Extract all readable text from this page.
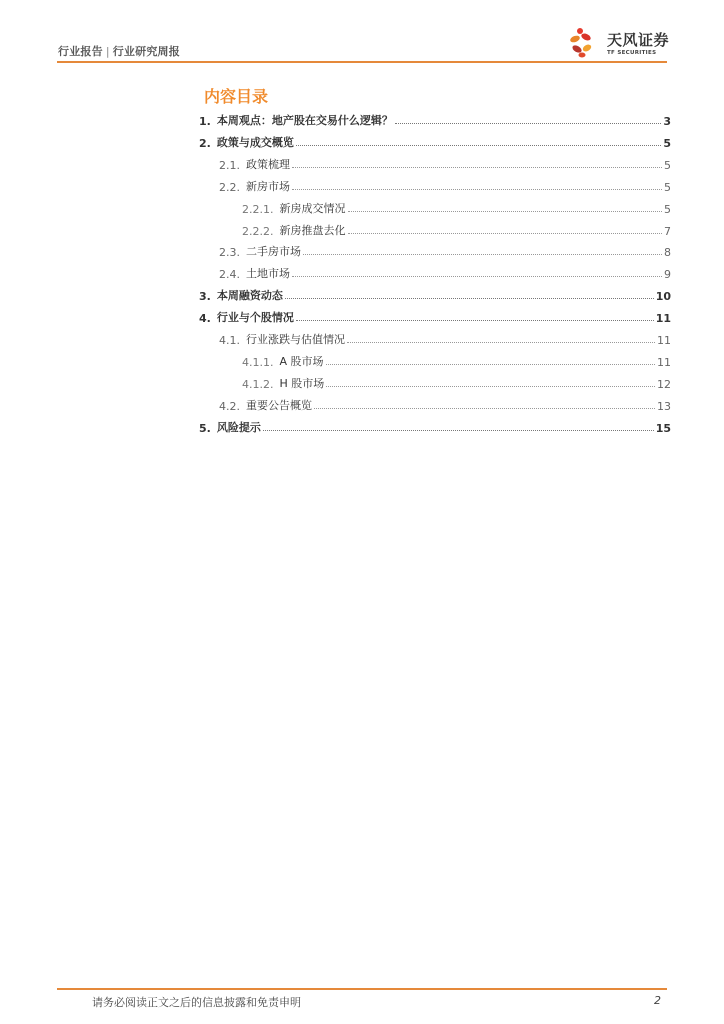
行业报告 | 行业研究周报
天风证券
TF SECURITIES
内容目录
1. 本周观点：地产股在交易什么逻辑？	3
2. 政策与成交概览	5
2.1. 政策梳理	5
2.2. 新房市场	5
2.2.1. 新房成交情况	5
2.2.2. 新房推盘去化	7
2.3. 二手房市场	8
2.4. 土地市场	9
3. 本周融资动态	10
4. 行业与个股情况	11
4.1. 行业涨跌与估值情况	11
4.1.1. A 股市场	11
4.1.2. H 股市场	12
4.2. 重要公告概览	13
5. 风险提示	15
请务必阅读正文之后的信息披露和免责申明	2
